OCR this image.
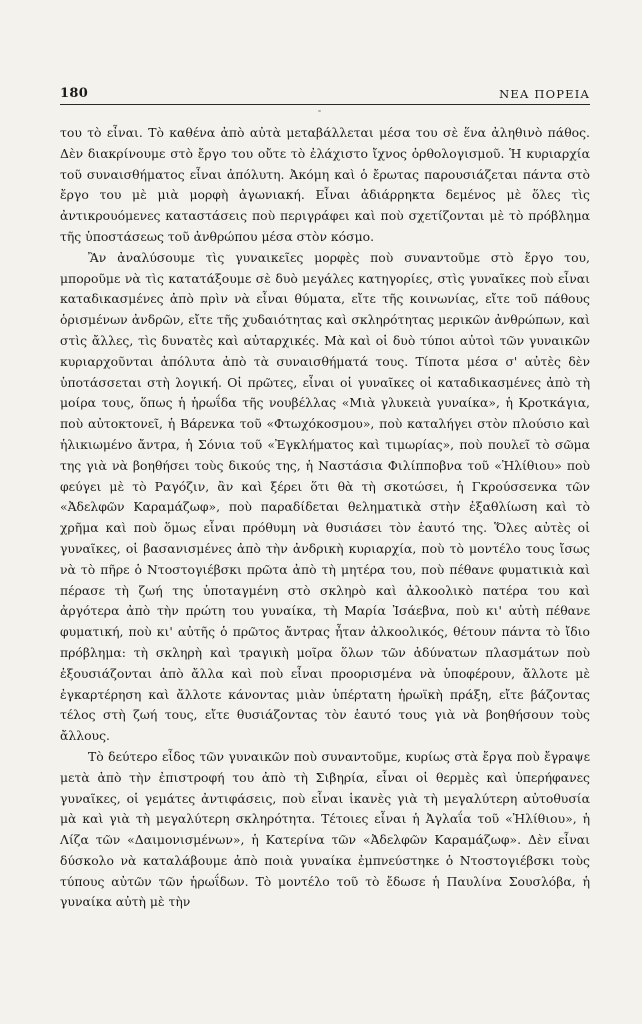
180	ΝΕΑ ΠΟΡΕΙΑ

του τὸ εἶναι. Τὸ καθένα ἀπὸ αὐτὰ μεταβάλλεται μέσα του σὲ ἕνα ἀληθινὸ πάθος. Δὲν διακρίνουμε στὸ ἔργο του οὔτε τὸ ἐλάχιστο ἴχνος ὀρθολογισμοῦ. Ἡ κυριαρχία τοῦ συναισθήματος εἶναι ἀπόλυτη. Ἀκόμη καὶ ὁ ἔρωτας παρουσιάζεται πάντα στὸ ἔργο του μὲ μιὰ μορφὴ ἀγωνιακή. Εἶναι ἀδιάρρηκτα δεμένος μὲ ὅλες τὶς ἀντικρουόμενες καταστάσεις ποὺ περιγράφει καὶ ποὺ σχετίζονται μὲ τὸ πρόβλημα τῆς ὑποστάσεως τοῦ ἀνθρώπου μέσα στὸν κόσμο.

Ἂν ἀναλύσουμε τὶς γυναικεῖες μορφὲς ποὺ συναντοῦμε στὸ ἔργο του, μποροῦμε νὰ τὶς κατατάξουμε σὲ δυὸ μεγάλες κατηγορίες, στὶς γυναῖκες ποὺ εἶναι καταδικασμένες ἀπὸ πρὶν νὰ εἶναι θύματα, εἴτε τῆς κοινωνίας, εἴτε τοῦ πάθους ὁρισμένων ἀνδρῶν, εἴτε τῆς χυδαιότητας καὶ σκληρότητας μερικῶν ἀνθρώπων, καὶ στὶς ἄλλες, τὶς δυνατὲς καὶ αὐταρχικές. Μὰ καὶ οἱ δυὸ τύποι αὐτοὶ τῶν γυναικῶν κυριαρχοῦνται ἀπόλυτα ἀπὸ τὰ συναισθήματά τους. Τίποτα μέσα σ' αὐτὲς δὲν ὑποτάσσεται στὴ λογική. Οἱ πρῶτες, εἶναι οἱ γυναῖκες οἱ καταδικασμένες ἀπὸ τὴ μοίρα τους, ὅπως ἡ ἡρωΐδα τῆς νουβέλλας «Μιὰ γλυκειὰ γυναίκα», ἡ Κροτκάγια, ποὺ αὐτοκτονεῖ, ἡ Βάρενκα τοῦ «Φτωχόκοσμου», ποὺ καταλήγει στὸν πλούσιο καὶ ἡλικιωμένο ἄντρα, ἡ Σόνια τοῦ «Ἐγκλήματος καὶ τιμωρίας», ποὺ πουλεῖ τὸ σῶμα της γιὰ νὰ βοηθήσει τοὺς δικούς της, ἡ Ναστάσια Φιλίπποβνα τοῦ «Ἠλίθιου» ποὺ φεύγει μὲ τὸ Ραγόζιν, ἂν καὶ ξέρει ὅτι θὰ τὴ σκοτώσει, ἡ Γκρούσσενκα τῶν «Ἀδελφῶν Καραμάζωφ», ποὺ παραδίδεται θεληματικὰ στὴν ἐξαθλίωση καὶ τὸ χρῆμα καὶ ποὺ ὅμως εἶναι πρόθυμη νὰ θυσιάσει τὸν ἑαυτό της. Ὅλες αὐτὲς οἱ γυναῖκες, οἱ βασανισμένες ἀπὸ τὴν ἀνδρικὴ κυριαρχία, ποὺ τὸ μοντέλο τους ἴσως νὰ τὸ πῆρε ὁ Ντοστογιέβσκι πρῶτα ἀπὸ τὴ μητέρα του, ποὺ πέθανε φυματικιὰ καὶ πέρασε τὴ ζωή της ὑποταγμένη στὸ σκληρὸ καὶ ἀλκοολικὸ πατέρα του καὶ ἀργότερα ἀπὸ τὴν πρώτη του γυναίκα, τὴ Μαρία Ἰσάεβνα, ποὺ κι' αὐτὴ πέθανε φυματική, ποὺ κι' αὐτῆς ὁ πρῶτος ἄντρας ἦταν ἀλκοολικός, θέτουν πάντα τὸ ἴδιο πρόβλημα: τὴ σκληρὴ καὶ τραγικὴ μοῖρα ὅλων τῶν ἀδύνατων πλασμάτων ποὺ ἐξουσιάζονται ἀπὸ ἄλλα καὶ ποὺ εἶναι προορισμένα νὰ ὑποφέρουν, ἄλλοτε μὲ ἐγκαρτέρηση καὶ ἄλλοτε κάνοντας μιὰν ὑπέρτατη ἡρωϊκὴ πράξη, εἴτε βάζοντας τέλος στὴ ζωή τους, εἴτε θυσιάζοντας τὸν ἑαυτό τους γιὰ νὰ βοηθήσουν τοὺς ἄλλους.

Τὸ δεύτερο εἶδος τῶν γυναικῶν ποὺ συναντοῦμε, κυρίως στὰ ἔργα ποὺ ἔγραψε μετὰ ἀπὸ τὴν ἐπιστροφή του ἀπὸ τὴ Σιβηρία, εἶναι οἱ θερμὲς καὶ ὑπερήφανες γυναῖκες, οἱ γεμάτες ἀντιφάσεις, ποὺ εἶναι ἱκανὲς γιὰ τὴ μεγαλύτερη αὐτοθυσία μὰ καὶ γιὰ τὴ μεγαλύτερη σκληρότητα. Τέτοιες εἶναι ἡ Ἀγλαΐα τοῦ «Ἠλίθιου», ἡ Λίζα τῶν «Δαιμονισμένων», ἡ Κατερίνα τῶν «Ἀδελφῶν Καραμάζωφ». Δὲν εἶναι δύσκολο νὰ καταλάβουμε ἀπὸ ποιὰ γυναίκα ἐμπνεύστηκε ὁ Ντοστογιέβσκι τοὺς τύπους αὐτῶν τῶν ἡρωΐδων. Τὸ μοντέλο τοῦ τὸ ἔδωσε ἡ Παυλίνα Σουσλόβα, ἡ γυναίκα αὐτὴ μὲ τὴν
